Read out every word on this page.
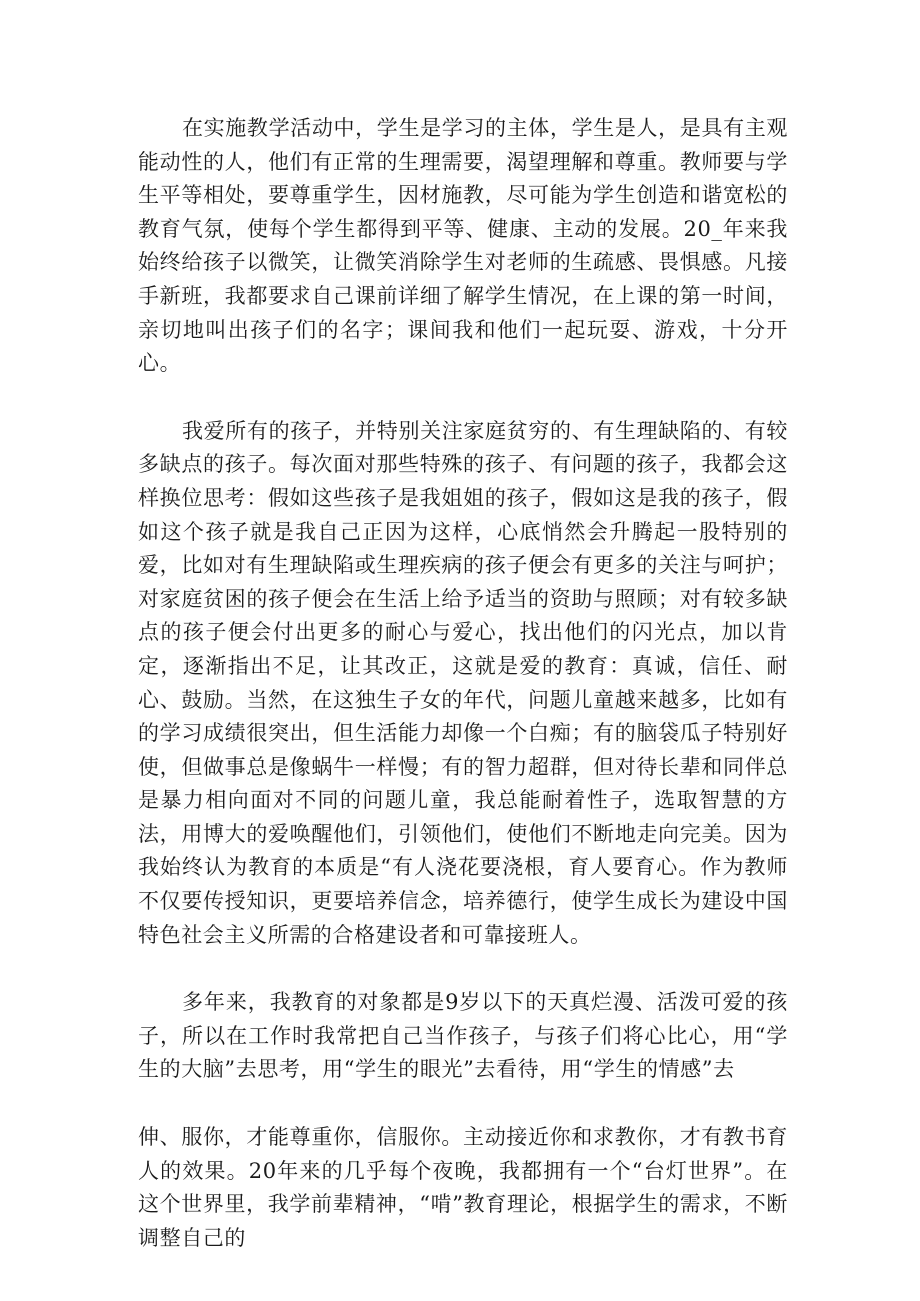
在实施教学活动中，学生是学习的主体，学生是人，是具有主观能动性的人，他们有正常的生理需要，渴望理解和尊重。教师要与学生平等相处，要尊重学生，因材施教，尽可能为学生创造和谐宽松的教育气氛，使每个学生都得到平等、健康、主动的发展。20_年来我始终给孩子以微笑，让微笑消除学生对老师的生疏感、畏惧感。凡接手新班，我都要求自己课前详细了解学生情况，在上课的第一时间，亲切地叫出孩子们的名字；课间我和他们一起玩耍、游戏，十分开心。

我爱所有的孩子，并特别关注家庭贫穷的、有生理缺陷的、有较多缺点的孩子。每次面对那些特殊的孩子、有问题的孩子，我都会这样换位思考：假如这些孩子是我姐姐的孩子，假如这是我的孩子，假如这个孩子就是我自己正因为这样，心底悄然会升腾起一股特别的爱，比如对有生理缺陷或生理疾病的孩子便会有更多的关注与呵护；对家庭贫困的孩子便会在生活上给予适当的资助与照顾；对有较多缺点的孩子便会付出更多的耐心与爱心，找出他们的闪光点，加以肯定，逐渐指出不足，让其改正，这就是爱的教育：真诚，信任、耐心、鼓励。当然，在这独生子女的年代，问题儿童越来越多，比如有的学习成绩很突出，但生活能力却像一个白痴；有的脑袋瓜子特别好使，但做事总是像蜗牛一样慢；有的智力超群，但对待长辈和同伴总是暴力相向面对不同的问题儿童，我总能耐着性子，选取智慧的方法，用博大的爱唤醒他们，引领他们，使他们不断地走向完美。因为我始终认为教育的本质是“有人浇花要浇根，育人要育心。作为教师不仅要传授知识，更要培养信念，培养德行，使学生成长为建设中国特色社会主义所需的合格建设者和可靠接班人。

多年来，我教育的对象都是9岁以下的天真烂漫、活泼可爱的孩子，所以在工作时我常把自己当作孩子，与孩子们将心比心，用“学生的大脑”去思考，用“学生的眼光”去看待，用“学生的情感”去

伸、服你，才能尊重你，信服你。主动接近你和求教你，才有教书育人的效果。20年来的几乎每个夜晚，我都拥有一个“台灯世界”。在这个世界里，我学前辈精神，“啃”教育理论，根据学生的需求，不断调整自己的
